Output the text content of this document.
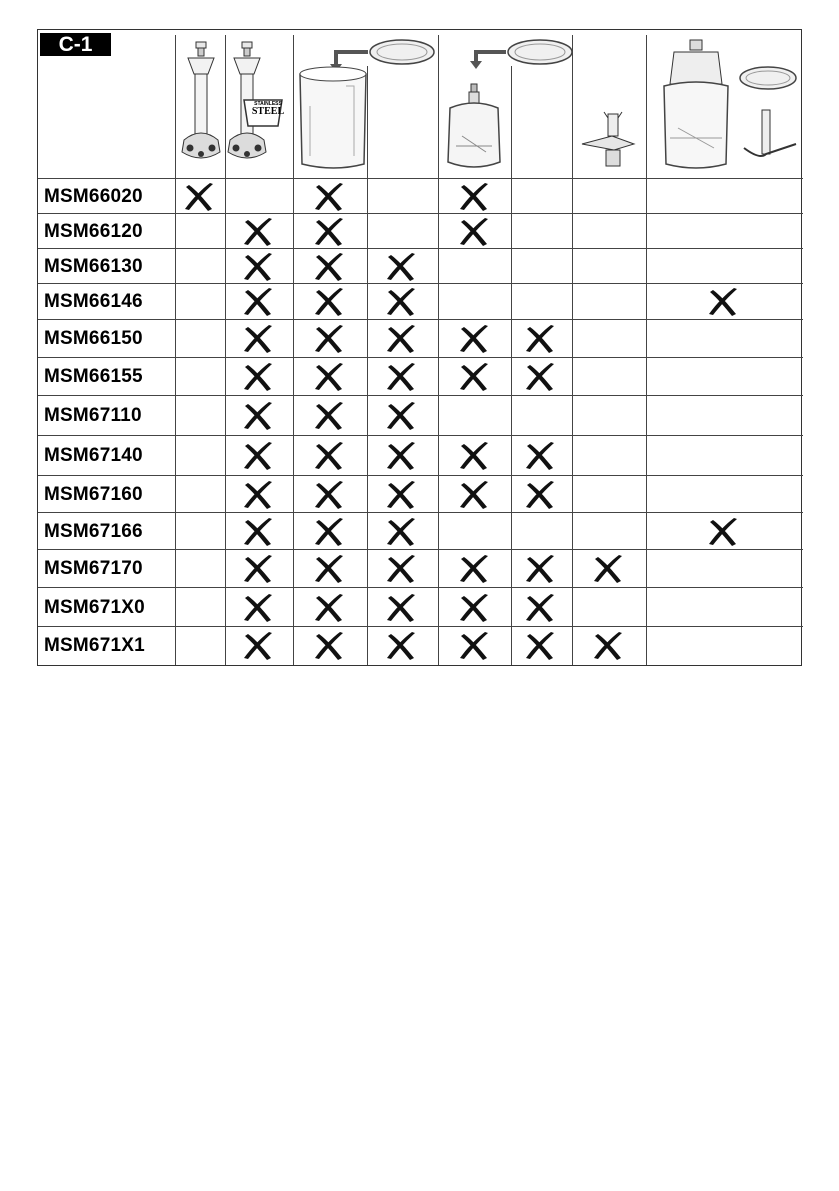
C-1
STAINLESS
STEEL
MSM66020
MSM66120
MSM66130
MSM66146
MSM66150
MSM66155
MSM67110
MSM67140
MSM67160
MSM67166
MSM67170
MSM671X0
MSM671X1
